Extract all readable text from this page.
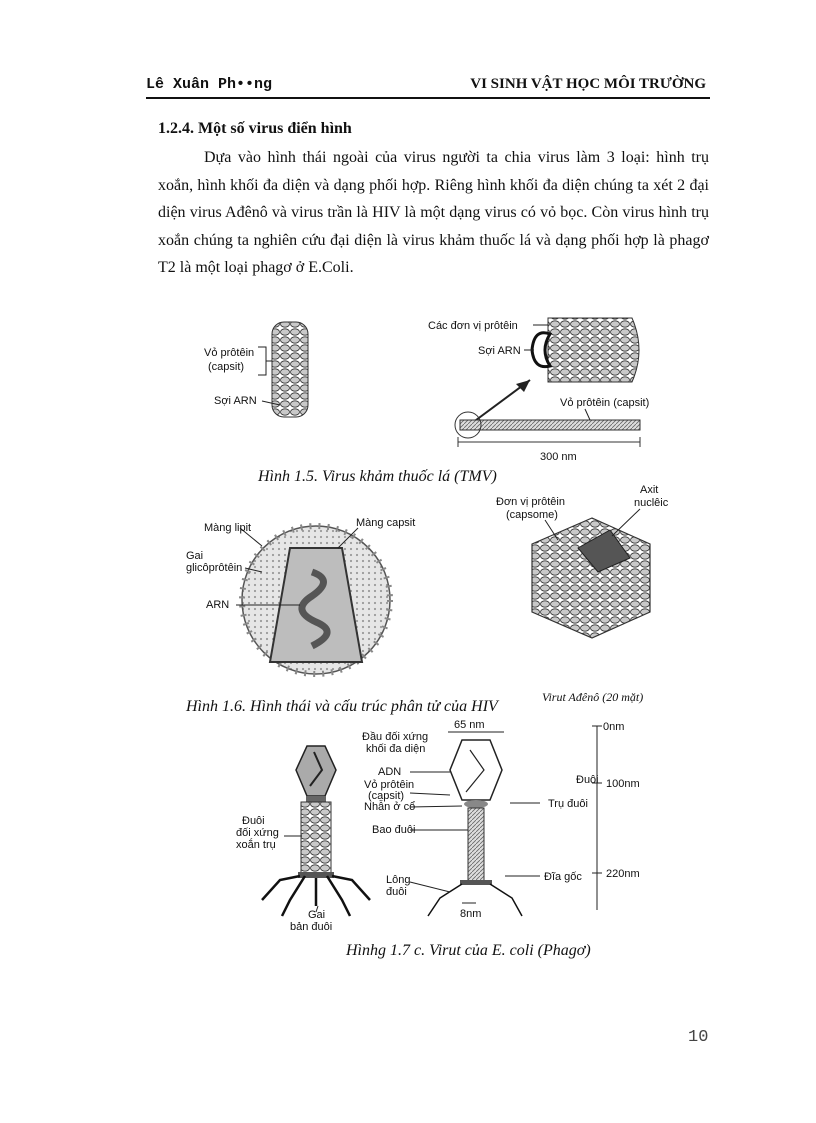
Lê Xuân Ph••ng	VI SINH VẬT HỌC MÔI TRƯỜNG
1.2.4. Một số virus điển hình
Dựa vào hình thái ngoài của virus người ta chia virus làm 3 loại: hình trụ xoắn, hình khối đa diện và dạng phối hợp. Riêng hình khối đa diện chúng ta xét 2 đại diện virus Ađênô và virus trần là HIV là một dạng virus có vỏ bọc. Còn virus hình trụ xoắn chúng ta nghiên cứu đại diện là virus khảm thuốc lá và dạng phối hợp là phagơ T2 là một loại phagơ ở E.Coli.
Vỏ prôtêin
(capsit)
Sợi ARN
Các đơn vị prôtêin
Sợi ARN
Vỏ prôtêin (capsit)
300 nm
Màng lipit	Màng capsit
Gai
glicôprôtêin
ARN
Đơn vị prôtêin
(capsome)
Axit
nuclêic
Virut Ađênô (20 mặt)
Đầu đối xứng
khối đa diện
ADN
Vỏ prôtêin
(capsit)
Nhẫn ở cổ
Bao đuôi
Đuôi
đối xứng
xoắn trụ
Lông
đuôi
Gai
bản đuôi
65 nm
Đuôi
Trụ đuôi
Đĩa gốc
8nm
0nm
100nm
220nm
Hình 1.5. Virus khảm thuốc lá (TMV)
Hình 1.6. Hình thái và cấu trúc phân tử của HIV
Hìnhg 1.7 c. Virut của E. coli (Phagơ)
10
